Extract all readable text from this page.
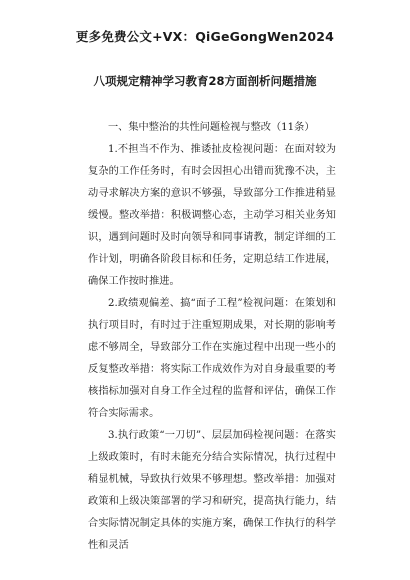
更多免费公文+VX：QiGeGongWen2024
八项规定精神学习教育28方面剖析问题措施

一、集中整治的共性问题检视与整改（11条）

1.不担当不作为、推诿扯皮检视问题：在面对较为复杂的工作任务时，有时会因担心出错而犹豫不决，主动寻求解决方案的意识不够强，导致部分工作推进稍显缓慢。整改举措：积极调整心态，主动学习相关业务知识，遇到问题时及时向领导和同事请教，制定详细的工作计划，明确各阶段目标和任务，定期总结工作进展，确保工作按时推进。

2.政绩观偏差、搞“面子工程”检视问题：在策划和执行项目时，有时过于注重短期成果，对长期的影响考虑不够周全，导致部分工作在实施过程中出现一些小的反复整改举措：将实际工作成效作为对自身最重要的考核指标加强对自身工作全过程的监督和评估，确保工作符合实际需求。

3.执行政策“一刀切”、层层加码检视问题：在落实上级政策时，有时未能充分结合实际情况，执行过程中稍显机械，导致执行效果不够理想。整改举措：加强对政策和上级决策部署的学习和研究，提高执行能力，结合实际情况制定具体的实施方案，确保工作执行的科学性和灵活
